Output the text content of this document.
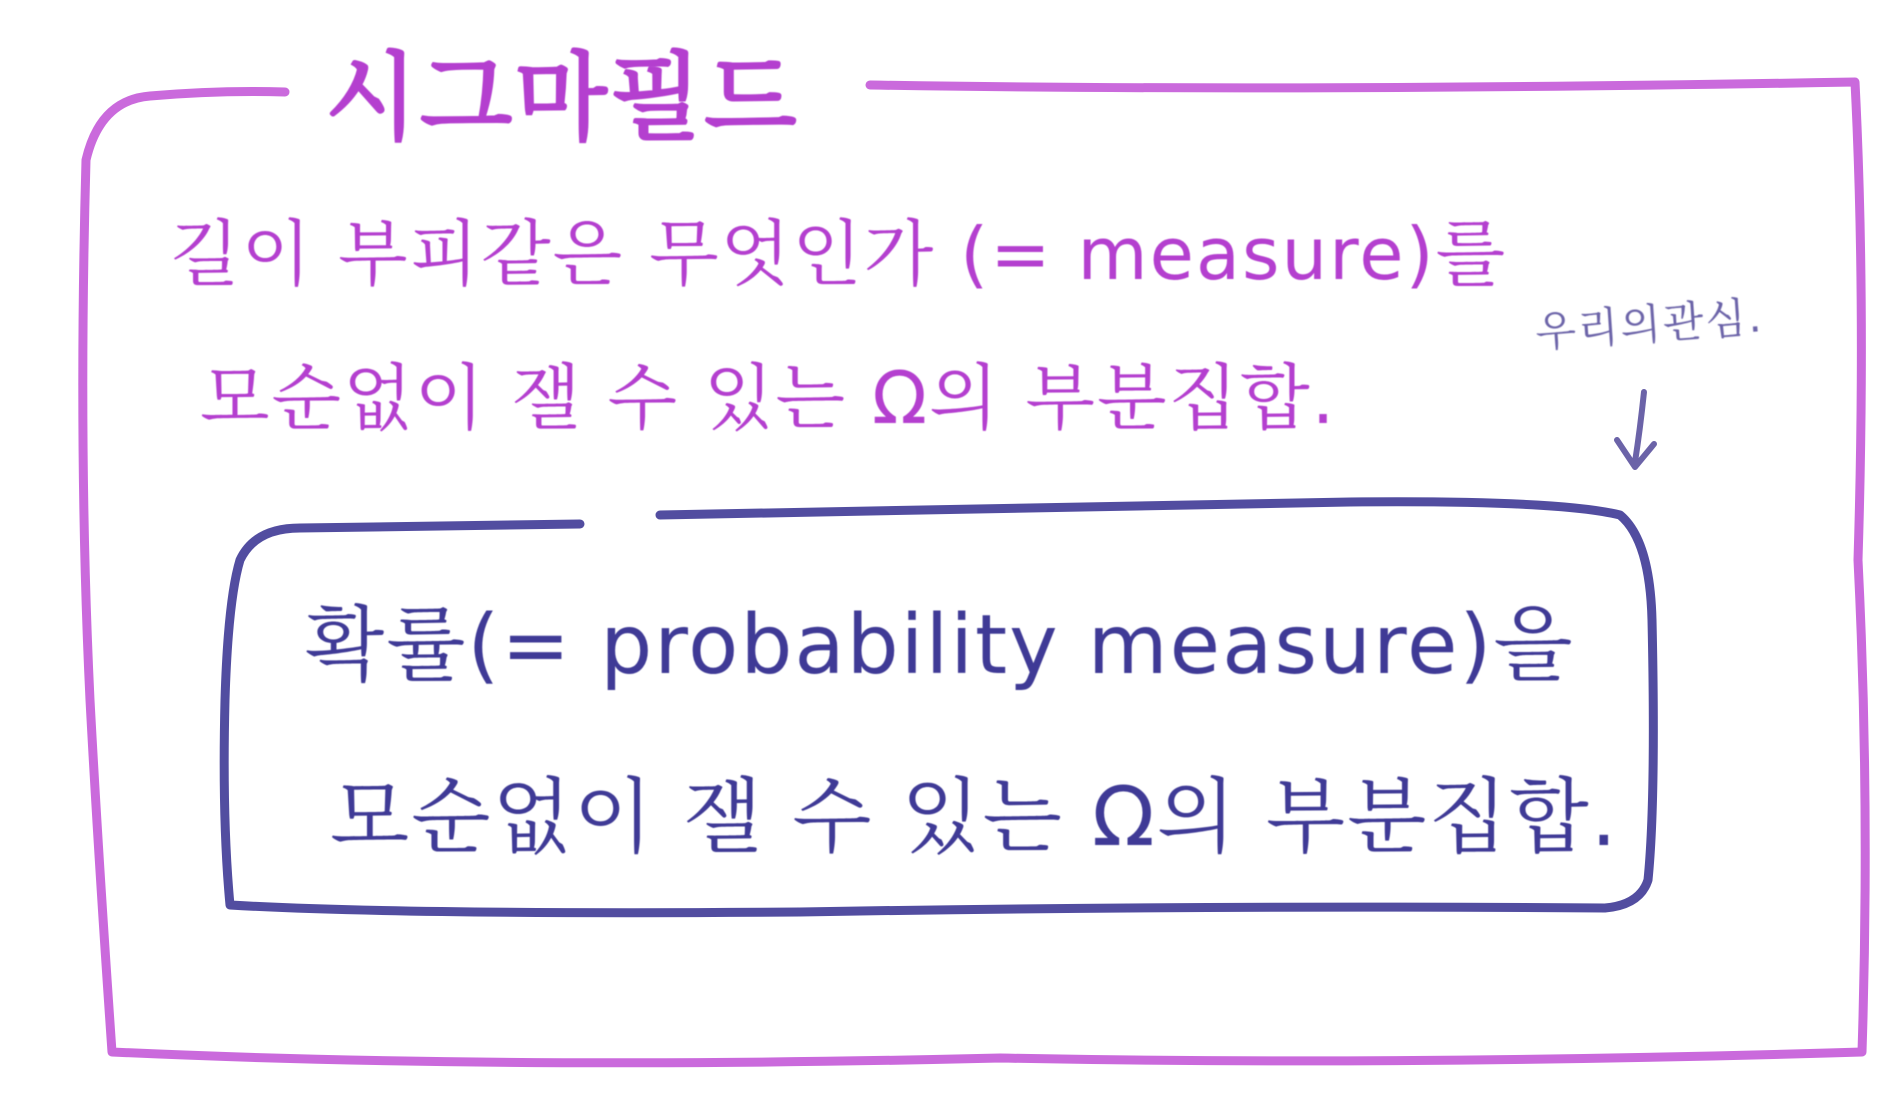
시그마필드
길이 부피같은 무엇인가 (= measure)를
모순없이 잴 수 있는 Ω의 부분집합.
우리의관심.
확률(= probability measure)을
모순없이 잴 수 있는 Ω의 부분집합.
